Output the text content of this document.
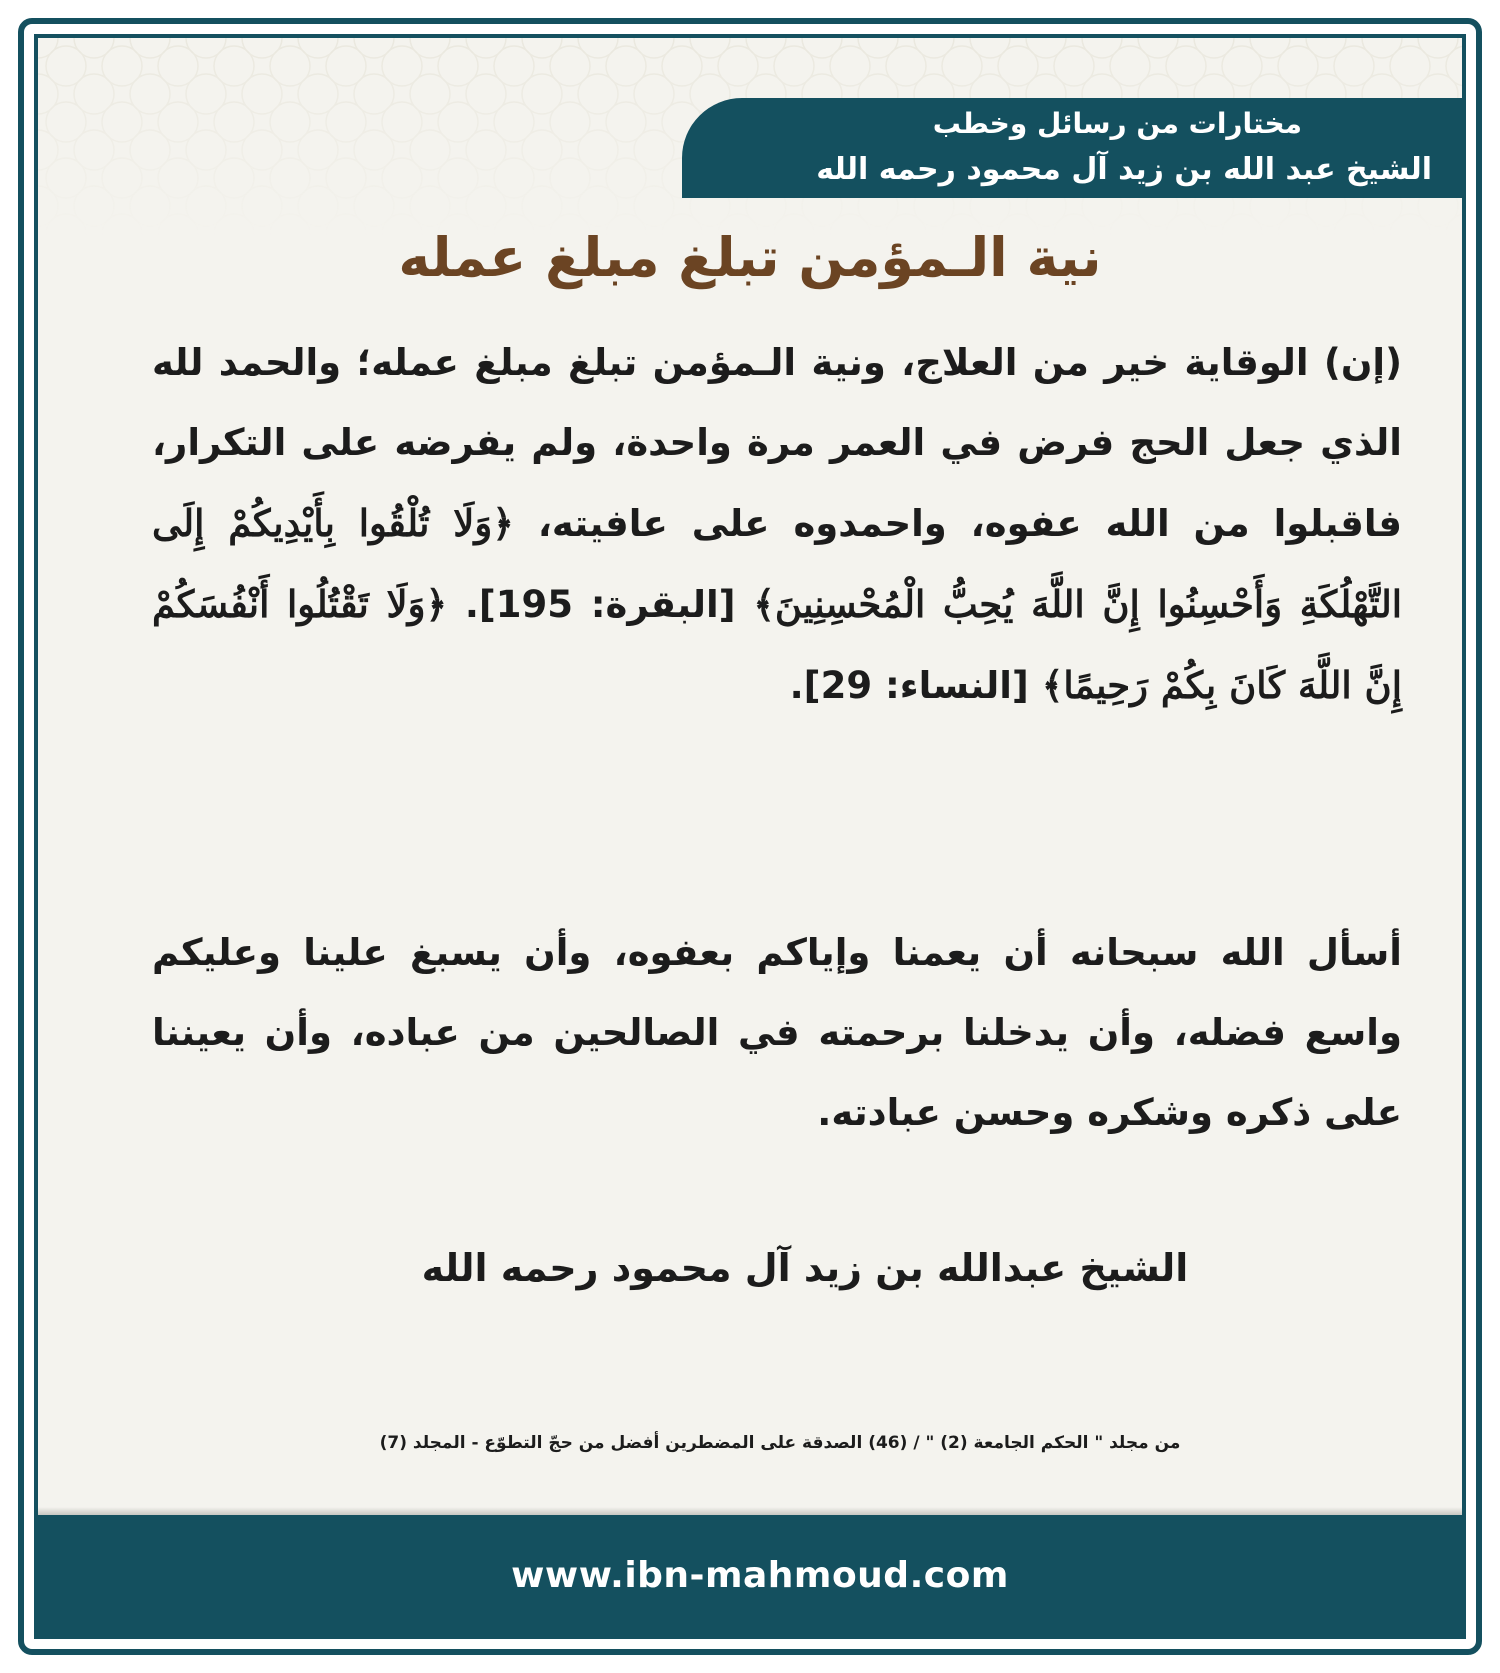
مختارات من رسائل وخطب
الشيخ عبد الله بن زيد آل محمود رحمه الله
نية الـمؤمن تبلغ مبلغ عمله
(إن) الوقاية خير من العلاج، ونية الـمؤمن تبلغ مبلغ عمله؛ والحمد لله الذي جعل الحج فرض في العمر مرة واحدة، ولم يفرضه على التكرار، فاقبلوا من الله عفوه، واحمدوه على عافيته، ﴿وَلَا تُلْقُوا بِأَيْدِيكُمْ إِلَى التَّهْلُكَةِ وَأَحْسِنُوا إِنَّ اللَّهَ يُحِبُّ الْمُحْسِنِينَ﴾ [البقرة: 195]. ﴿وَلَا تَقْتُلُوا أَنْفُسَكُمْ إِنَّ اللَّهَ كَانَ بِكُمْ رَحِيمًا﴾ [النساء: 29].
أسأل الله سبحانه أن يعمنا وإياكم بعفوه، وأن يسبغ علينا وعليكم واسع فضله، وأن يدخلنا برحمته في الصالحين من عباده، وأن يعيننا على ذكره وشكره وحسن عبادته.
الشيخ عبدالله بن زيد آل محمود رحمه الله
من مجلد " الحكم الجامعة (2) " / (46) الصدقة على المضطرين أفضل من حجّ التطوّع - المجلد (7)
www.ibn-mahmoud.com
